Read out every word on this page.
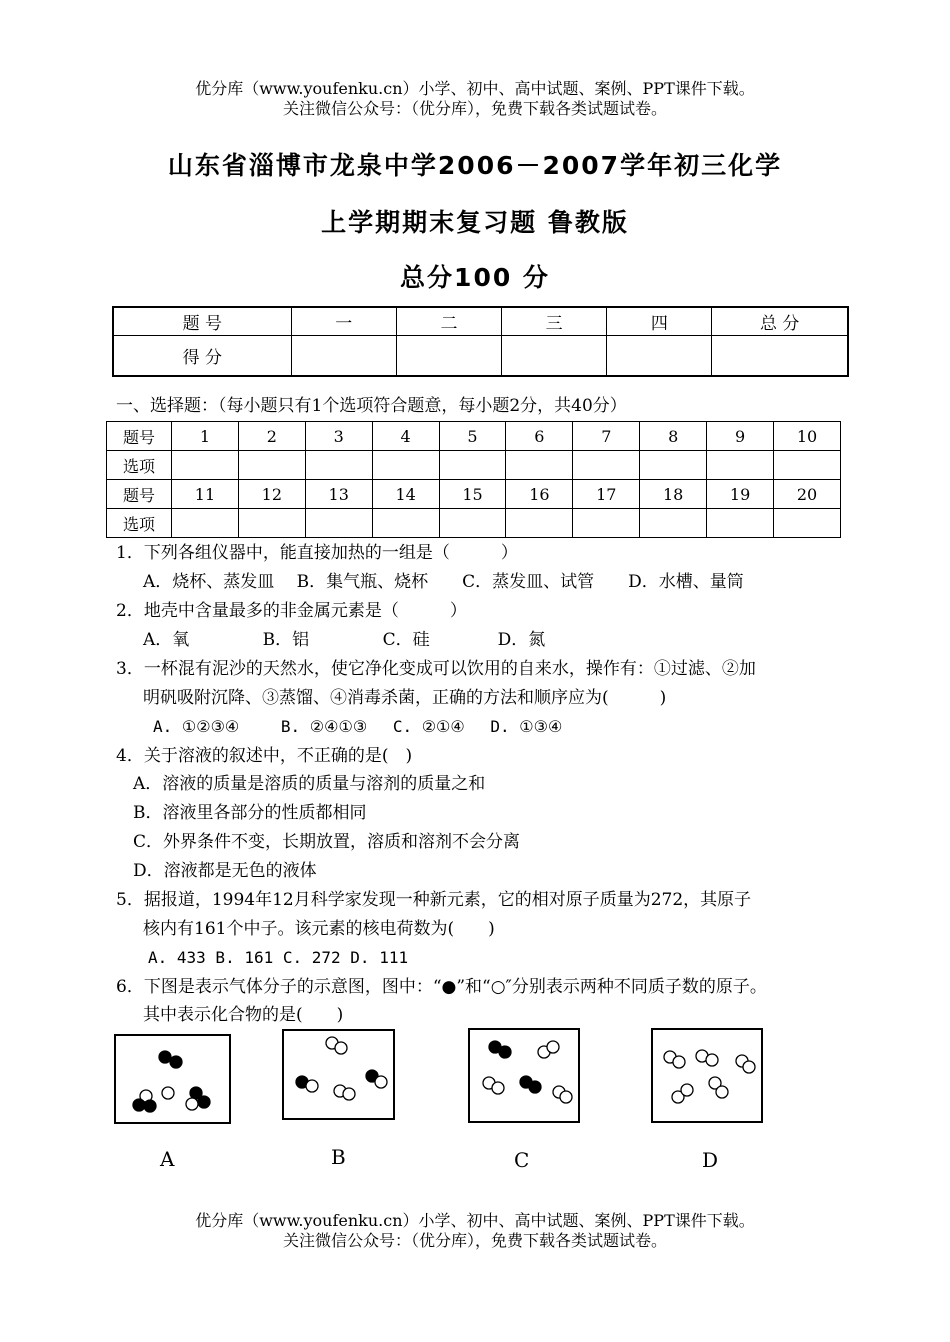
优分库（www.youfenku.cn）小学、初中、高中试题、案例、PPT课件下载。
关注微信公众号：（优分库），免费下载各类试题试卷。
山东省淄博市龙泉中学2006－2007学年初三化学
上学期期末复习题 鲁教版
总分100 分
题 号	一	二	三	四	总 分
得 分					
一、选择题：（每小题只有1个选项符合题意，每小题2分，共40分）
题号	1	2	3	4	5	6	7	8	9	10
选项										
题号	11	12	13	14	15	16	17	18	19	20
选项										
1．下列各组仪器中，能直接加热的一组是（　　　）
A．烧杯、蒸发皿　 B．集气瓶、烧杯　　C．蒸发皿、试管　　D．水槽、量筒
2．地壳中含量最多的非金属元素是（　　　）
A．氧　　　　 B．铝　　　　 C．硅　　　　D．氮
3．一杯混有泥沙的天然水，使它净化变成可以饮用的自来水，操作有：①过滤、②加
明矾吸附沉降、③蒸馏、④消毒杀菌，正确的方法和顺序应为(　　　)
A. ①②③④　　 B. ②④①③　 C. ②①④　 D. ①③④
4．关于溶液的叙述中，不正确的是(　)
A．溶液的质量是溶质的质量与溶剂的质量之和
B．溶液里各部分的性质都相同
C．外界条件不变，长期放置，溶质和溶剂不会分离
D．溶液都是无色的液体
5．据报道，1994年12月科学家发现一种新元素，它的相对原子质量为272，其原子
核内有161个中子。该元素的核电荷数为(　　)
A. 433 B. 161 C. 272 D. 111
6．下图是表示气体分子的示意图，图中：“●”和“○″分别表示两种不同质子数的原子。
其中表示化合物的是(　　)
A	B	C	D
优分库（www.youfenku.cn）小学、初中、高中试题、案例、PPT课件下载。
关注微信公众号：（优分库），免费下载各类试题试卷。
